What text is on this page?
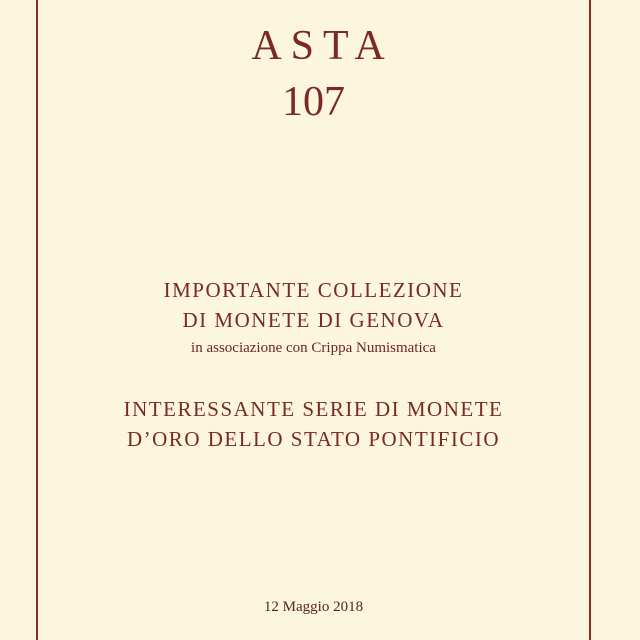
ASTA
107
IMPORTANTE COLLEZIONE
DI MONETE DI GENOVA
in associazione con Crippa Numismatica
INTERESSANTE SERIE DI MONETE
D’ORO DELLO STATO PONTIFICIO
12 Maggio 2018
